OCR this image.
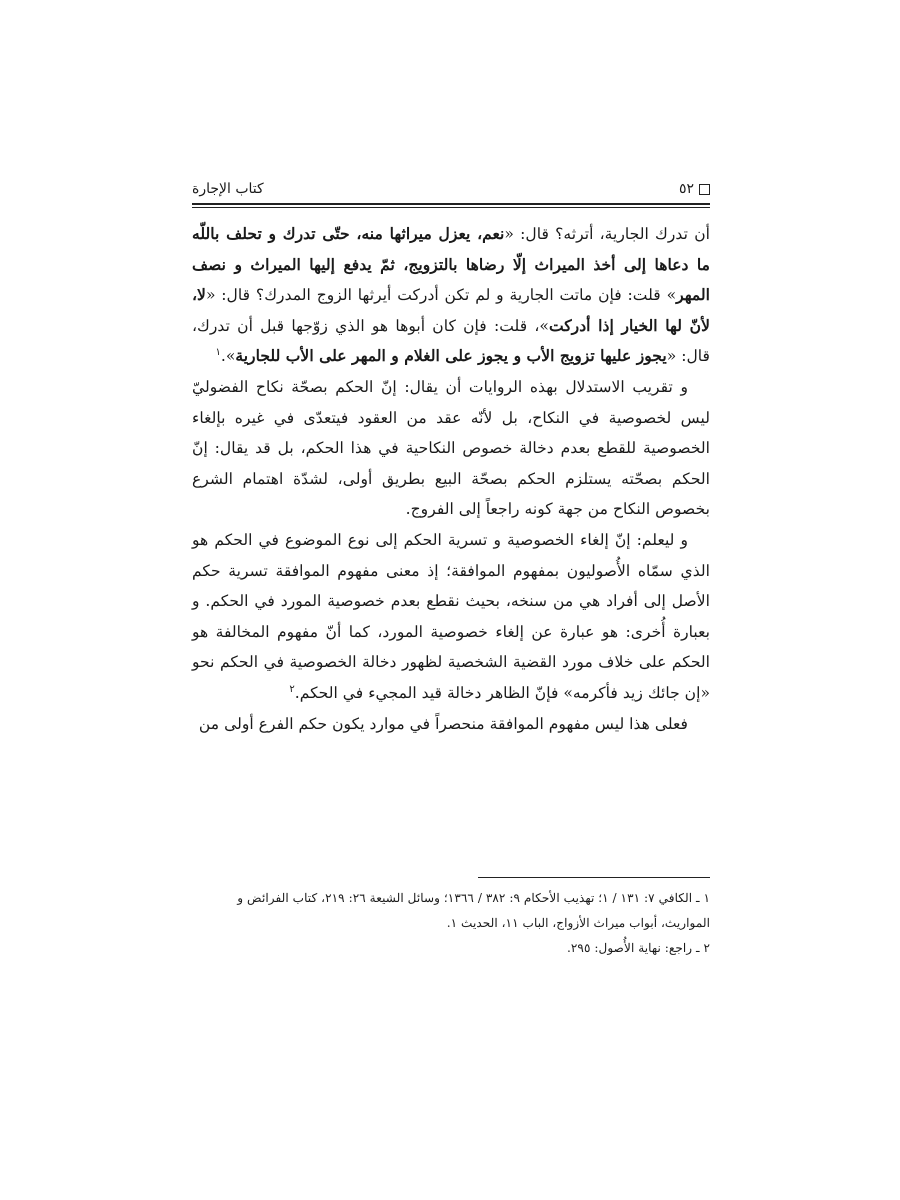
٥٢
كتاب الإجارة

أن تدرك الجارية، أترثه؟ قال: «نعم، يعزل ميراثها منه، حتّى تدرك و تحلف باللّه ما دعاها إلى أخذ الميراث إلّا رضاها بالتزويج، ثمّ يدفع إليها الميراث و نصف المهر» قلت: فإن ماتت الجارية و لم تكن أدركت أيرثها الزوج المدرك؟ قال: «لا، لأنّ لها الخيار إذا أدركت»، قلت: فإن كان أبوها هو الذي زوّجها قبل أن تدرك، قال: «يجوز عليها تزويج الأب و يجوز على الغلام و المهر على الأب للجارية».$^١$

و تقريب الاستدلال بهذه الروايات أن يقال: إنّ الحكم بصحّة نكاح الفضوليّ ليس لخصوصية في النكاح، بل لأنّه عقد من العقود فيتعدّى في غيره بإلغاء الخصوصية للقطع بعدم دخالة خصوص النكاحية في هذا الحكم، بل قد يقال: إنّ الحكم بصحّته يستلزم الحكم بصحّة البيع بطريق أولى، لشدّة اهتمام الشرع بخصوص النكاح من جهة كونه راجعاً إلى الفروج.

و ليعلم: إنّ إلغاء الخصوصية و تسرية الحكم إلى نوع الموضوع في الحكم هو الذي سمّاه الأُصوليون بمفهوم الموافقة؛ إذ معنى مفهوم الموافقة تسرية حكم الأصل إلى أفراد هي من سنخه، بحيث نقطع بعدم خصوصية المورد في الحكم. و بعبارة أُخرى: هو عبارة عن إلغاء خصوصية المورد، كما أنّ مفهوم المخالفة هو الحكم على خلاف مورد القضية الشخصية لظهور دخالة الخصوصية في الحكم نحو «إن جائك زيد فأكرمه» فإنّ الظاهر دخالة قيد المجيء في الحكم.$^٢$

فعلى هذا ليس مفهوم الموافقة منحصراً في موارد يكون حكم الفرع أولى من

١ ـ الكافي ٧: ١٣١ / ١؛ تهذيب الأحكام ٩: ٣٨٢ / ١٣٦٦؛ وسائل الشيعة ٢٦: ٢١٩، كتاب الفرائض و المواريث، أبواب ميراث الأزواج، الباب ١١، الحديث ١.

٢ ـ راجع: نهاية الأُصول: ٢٩٥.
